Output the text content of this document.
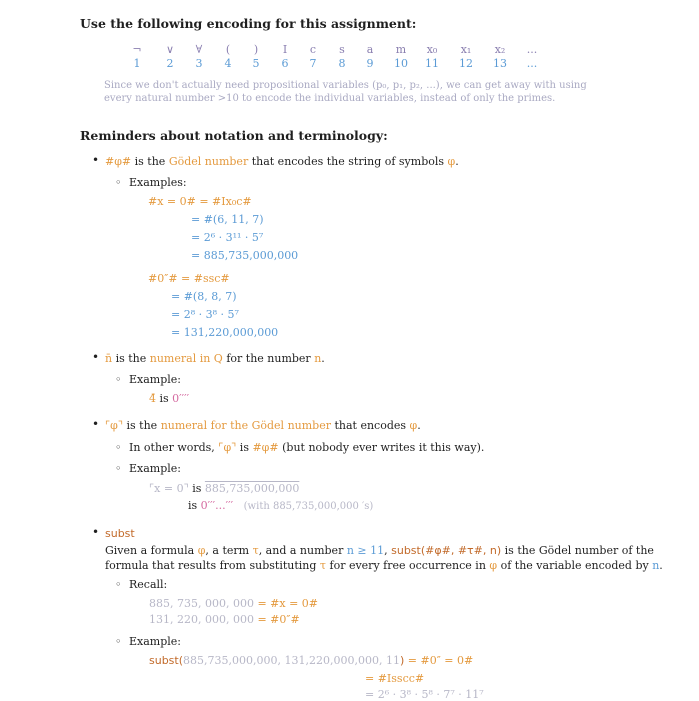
Use the following encoding for this assignment:
¬	∨	∀	(	)	I	c	s	a	m	x₀	x₁	x₂	...
1	2	3	4	5	6	7	8	9	10	11	12	13	...
Since we don't actually need propositional variables (p₀, p₁, p₂, ...), we can get away with using
every natural number >10 to encode the individual variables, instead of only the primes.
Reminders about notation and terminology:
• #φ# is the Gödel number that encodes the string of symbols φ.
◦ Examples:
#x = 0# = #Ix₀c#
= #(6, 11, 7)
= 2⁶ · 3¹¹ · 5⁷
= 885,735,000,000
#0″# = #ssc#
= #(8, 8, 7)
= 2⁸ · 3⁸ · 5⁷
= 131,220,000,000
• n̄ is the numeral in Q for the number n.
◦ Example:
4̄ is 0′′′′
• ⌜φ⌝ is the numeral for the Gödel number that encodes φ.
◦ In other words, ⌜φ⌝ is #φ# (but nobody ever writes it this way).
◦ Example:
⌜x = 0⌝ is 885,735,000,000
is 0′′′...′′′ (with 885,735,000,000 ′s)
• subst
Given a formula φ, a term τ, and a number n ≥ 11, subst(#φ#, #τ#, n) is the Gödel number of the
formula that results from substituting τ for every free occurrence in φ of the variable encoded by n.
◦ Recall:
885, 735, 000, 000 = #x = 0#
131, 220, 000, 000 = #0″#
◦ Example:
subst(885,735,000,000, 131,220,000,000, 11) = #0″ = 0#
= #Isscc#
= 2⁶ · 3⁸ · 5⁸ · 7⁷ · 11⁷
